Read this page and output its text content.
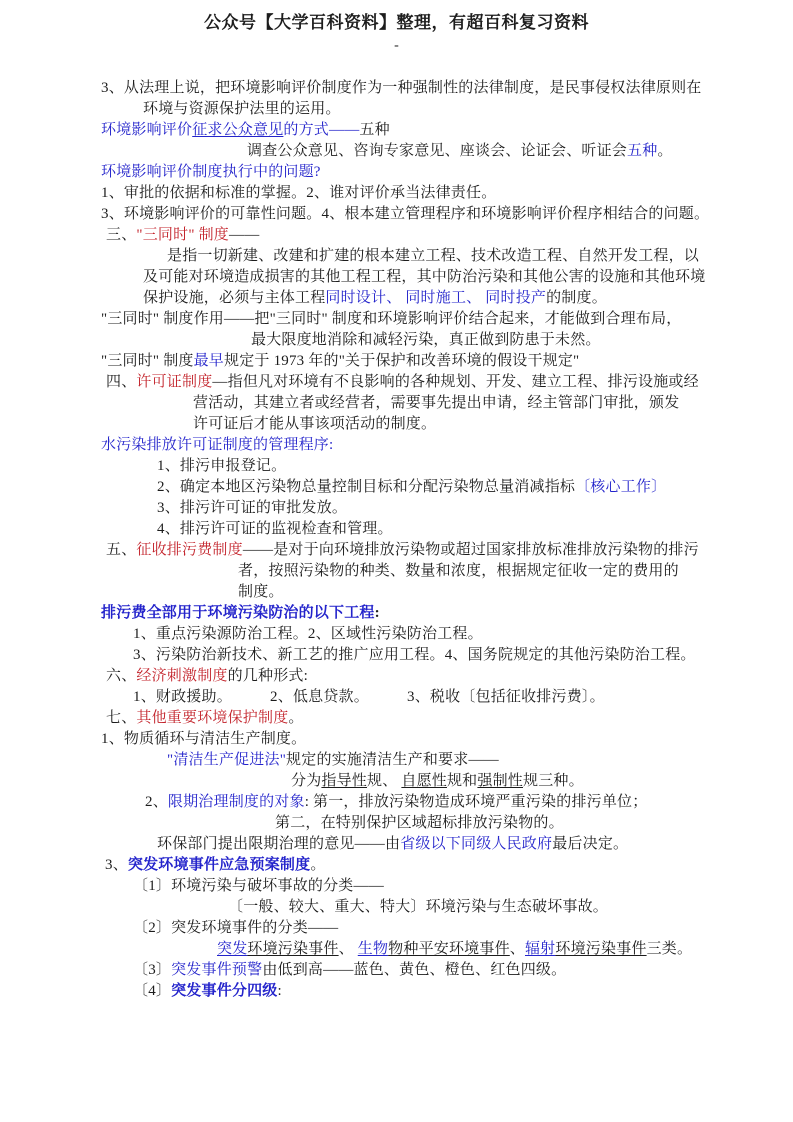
公众号【大学百科资料】整理，有超百科复习资料
-
3、从法理上说，把环境影响评价制度作为一种强制性的法律制度，是民事侵权法律原则在
环境与资源保护法里的运用。
环境影响评价征求公众意见的方式——五种
调查公众意见、咨询专家意见、座谈会、论证会、听证会五种。
环境影响评价制度执行中的问题?
1、审批的依据和标准的掌握。2、谁对评价承当法律责任。
3、环境影响评价的可靠性问题。4、根本建立管理程序和环境影响评价程序相结合的问题。
三、"三同时" 制度——
是指一切新建、改建和扩建的根本建立工程、技术改造工程、自然开发工程，以
及可能对环境造成损害的其他工程工程，其中防治污染和其他公害的设施和其他环境
保护设施，必须与主体工程同时设计、 同时施工、 同时投产的制度。
"三同时" 制度作用——把"三同时" 制度和环境影响评价结合起来，才能做到合理布局，
最大限度地消除和减轻污染，真正做到防患于未然。
"三同时" 制度最早规定于 1973 年的"关于保护和改善环境的假设干规定"
四、许可证制度—指但凡对环境有不良影响的各种规划、开发、建立工程、排污设施或经
营活动，其建立者或经营者，需要事先提出申请，经主管部门审批，颁发
许可证后才能从事该项活动的制度。
水污染排放许可证制度的管理程序:
1、排污申报登记。
2、确定本地区污染物总量控制目标和分配污染物总量消减指标〔核心工作〕
3、排污许可证的审批发放。
4、排污许可证的监视检查和管理。
五、征收排污费制度——是对于向环境排放污染物或超过国家排放标准排放污染物的排污
者，按照污染物的种类、数量和浓度，根据规定征收一定的费用的
制度。
排污费全部用于环境污染防治的以下工程:
1、重点污染源防治工程。2、区域性污染防治工程。
3、污染防治新技术、新工艺的推广应用工程。4、国务院规定的其他污染防治工程。
六、经济刺激制度的几种形式:
1、财政援助。　　　2、低息贷款。　　　3、税收〔包括征收排污费〕。
七、其他重要环境保护制度。
1、物质循环与清洁生产制度。
"清洁生产促进法"规定的实施清洁生产和要求——
分为指导性规、 自愿性规和强制性规三种。
2、限期治理制度的对象: 第一，排放污染物造成环境严重污染的排污单位；
第二，在特别保护区域超标排放污染物的。
环保部门提出限期治理的意见——由省级以下同级人民政府最后决定。
3、突发环境事件应急预案制度。
〔1〕环境污染与破坏事故的分类——
〔一般、较大、重大、特大〕环境污染与生态破坏事故。
〔2〕突发环境事件的分类——
突发环境污染事件、 生物物种平安环境事件、辐射环境污染事件三类。
〔3〕突发事件预警由低到高——蓝色、黄色、橙色、红色四级。
〔4〕突发事件分四级:
